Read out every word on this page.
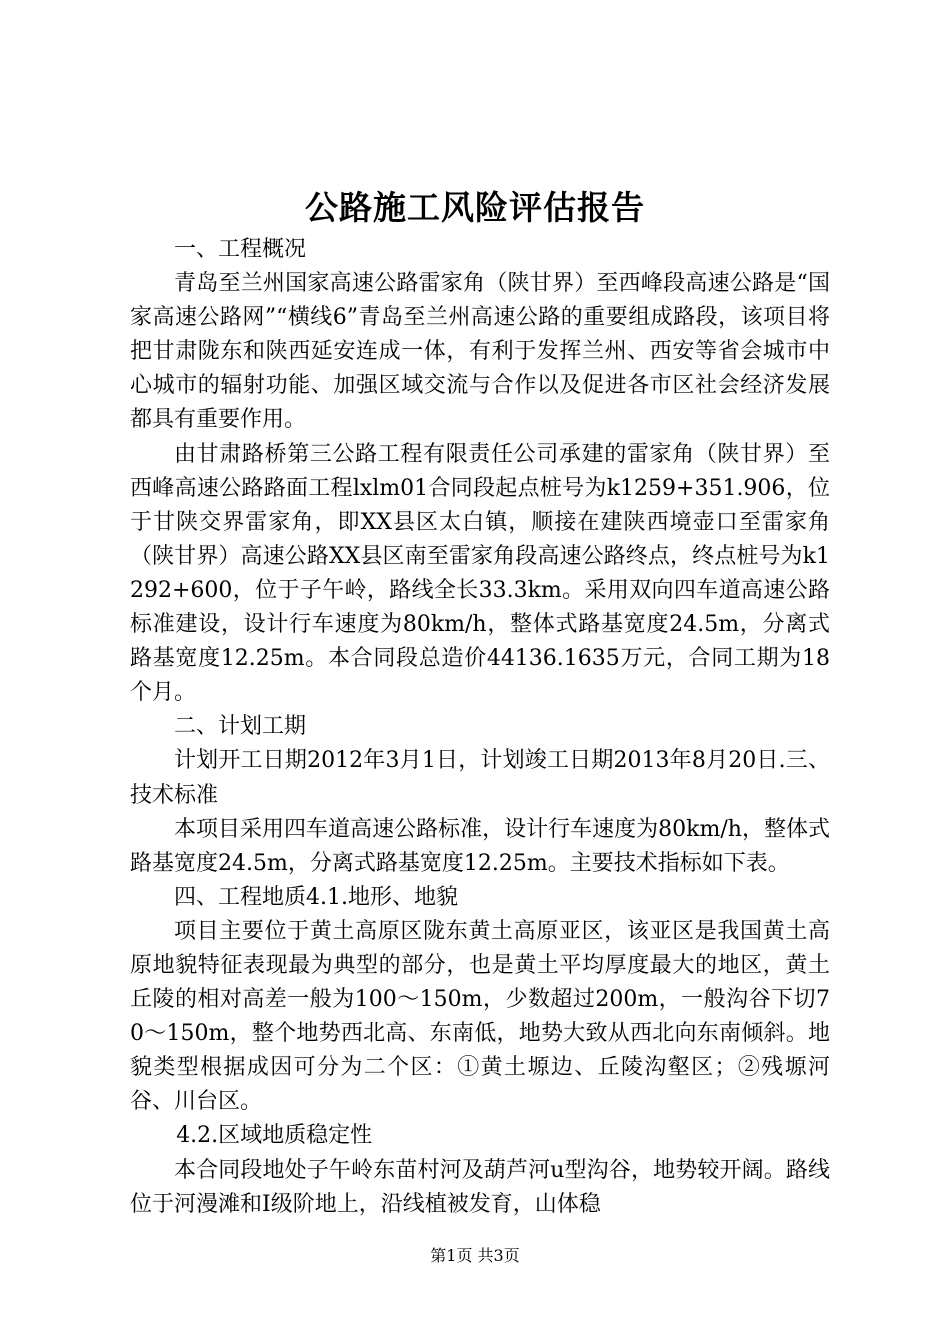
公路施工风险评估报告

一、工程概况

青岛至兰州国家高速公路雷家角（陕甘界）至西峰段高速公路是“国家高速公路网”“横线6”青岛至兰州高速公路的重要组成路段，该项目将把甘肃陇东和陕西延安连成一体，有利于发挥兰州、西安等省会城市中心城市的辐射功能、加强区域交流与合作以及促进各市区社会经济发展都具有重要作用。

由甘肃路桥第三公路工程有限责任公司承建的雷家角（陕甘界）至西峰高速公路路面工程lxlm01合同段起点桩号为k1259+351.906，位于甘陕交界雷家角，即XX县区太白镇，顺接在建陕西境壶口至雷家角（陕甘界）高速公路XX县区南至雷家角段高速公路终点，终点桩号为k1292+600，位于子午岭，路线全长33.3km。采用双向四车道高速公路标准建设，设计行车速度为80km/h，整体式路基宽度24.5m，分离式路基宽度12.25m。本合同段总造价44136.1635万元，合同工期为18个月。

二、计划工期

计划开工日期2012年3月1日，计划竣工日期2013年8月20日.三、技术标准

本项目采用四车道高速公路标准，设计行车速度为80km/h，整体式路基宽度24.5m，分离式路基宽度12.25m。主要技术指标如下表。

四、工程地质4.1.地形、地貌

项目主要位于黄土高原区陇东黄土高原亚区，该亚区是我国黄土高原地貌特征表现最为典型的部分，也是黄土平均厚度最大的地区，黄土丘陵的相对高差一般为100～150m，少数超过200m，一般沟谷下切70～150m，整个地势西北高、东南低，地势大致从西北向东南倾斜。地貌类型根据成因可分为二个区：①黄土塬边、丘陵沟壑区；②残塬河谷、川台区。

4.2.区域地质稳定性

本合同段地处子午岭东苗村河及葫芦河u型沟谷，地势较开阔。路线位于河漫滩和Ⅰ级阶地上，沿线植被发育，山体稳

第1页 共3页
